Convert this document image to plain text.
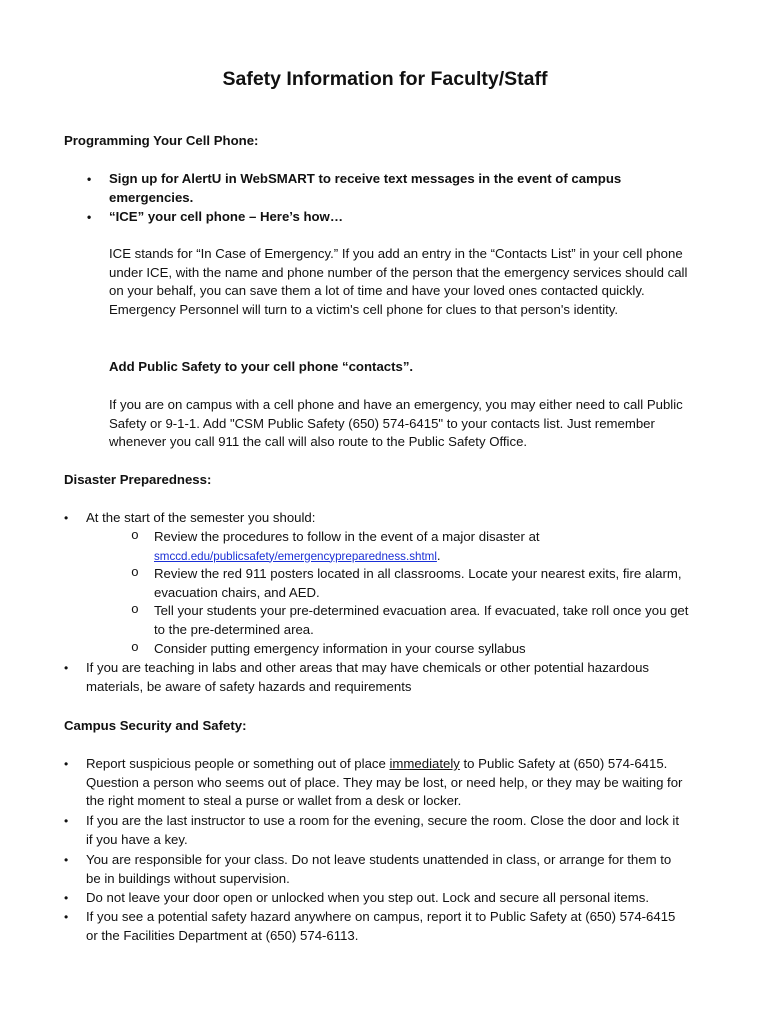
Safety Information for Faculty/Staff

Programming Your Cell Phone:

• Sign up for AlertU in WebSMART to receive text messages in the event of campus emergencies.

• “ICE” your cell phone – Here’s how…

ICE stands for “In Case of Emergency.” If you add an entry in the “Contacts List” in your cell phone under ICE, with the name and phone number of the person that the emergency services should call on your behalf, you can save them a lot of time and have your loved ones contacted quickly. Emergency Personnel will turn to a victim's cell phone for clues to that person's identity.

Add Public Safety to your cell phone “contacts”.

If you are on campus with a cell phone and have an emergency, you may either need to call Public Safety or 9-1-1. Add "CSM Public Safety (650) 574-6415" to your contacts list. Just remember whenever you call 911 the call will also route to the Public Safety Office.

Disaster Preparedness:

• At the start of the semester you should:

o Review the procedures to follow in the event of a major disaster at
smccd.edu/publicsafety/emergencypreparedness.shtml.

o Review the red 911 posters located in all classrooms. Locate your nearest exits, fire alarm, evacuation chairs, and AED.

o Tell your students your pre-determined evacuation area. If evacuated, take roll once you get to the pre-determined area.

o Consider putting emergency information in your course syllabus

• If you are teaching in labs and other areas that may have chemicals or other potential hazardous materials, be aware of safety hazards and requirements

Campus Security and Safety:

• Report suspicious people or something out of place immediately to Public Safety at (650) 574-6415. Question a person who seems out of place. They may be lost, or need help, or they may be waiting for the right moment to steal a purse or wallet from a desk or locker.

• If you are the last instructor to use a room for the evening, secure the room. Close the door and lock it if you have a key.

• You are responsible for your class. Do not leave students unattended in class, or arrange for them to be in buildings without supervision.

• Do not leave your door open or unlocked when you step out. Lock and secure all personal items.

• If you see a potential safety hazard anywhere on campus, report it to Public Safety at (650) 574-6415 or the Facilities Department at (650) 574-6113.
